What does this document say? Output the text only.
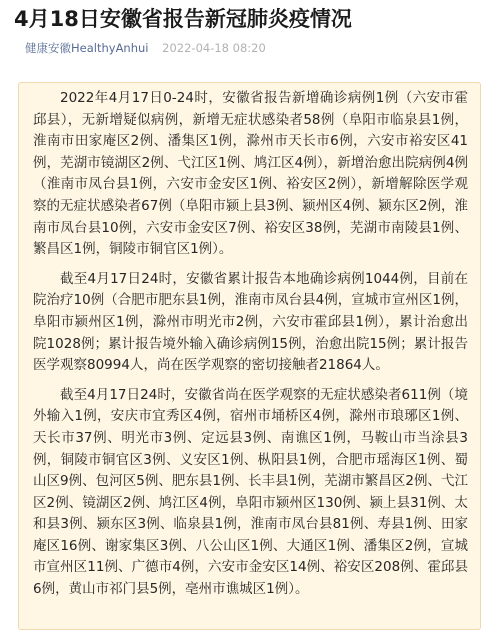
4月18日安徽省报告新冠肺炎疫情况
健康安徽HealthyAnhui 2022-04-18 08:20

2022年4月17日0-24时，安徽省报告新增确诊病例1例（六安市霍邱县），无新增疑似病例，新增无症状感染者58例（阜阳市临泉县1例，淮南市田家庵区2例、潘集区1例，滁州市天长市6例，六安市裕安区41例，芜湖市镜湖区2例、弋江区1例、鸠江区4例），新增治愈出院病例4例（淮南市凤台县1例，六安市金安区1例、裕安区2例），新增解除医学观察的无症状感染者67例（阜阳市颍上县3例、颍州区4例、颍东区2例，淮南市凤台县10例，六安市金安区7例、裕安区38例，芜湖市南陵县1例、繁昌区1例，铜陵市铜官区1例）。

截至4月17日24时，安徽省累计报告本地确诊病例1044例，目前在院治疗10例（合肥市肥东县1例，淮南市凤台县4例，宣城市宣州区1例，阜阳市颍州区1例，滁州市明光市2例，六安市霍邱县1例），累计治愈出院1028例；累计报告境外输入确诊病例15例，治愈出院15例；累计报告医学观察80994人，尚在医学观察的密切接触者21864人。

截至4月17日24时，安徽省尚在医学观察的无症状感染者611例（境外输入1例，安庆市宜秀区4例，宿州市埇桥区4例，滁州市琅琊区1例、天长市37例、明光市3例、定远县3例、南谯区1例，马鞍山市当涂县3例，铜陵市铜官区3例、义安区1例、枞阳县1例，合肥市瑶海区1例、蜀山区9例、包河区5例、肥东县1例、长丰县1例，芜湖市繁昌区2例、弋江区2例、镜湖区2例、鸠江区4例，阜阳市颍州区130例、颍上县31例、太和县3例、颍东区3例、临泉县1例，淮南市凤台县81例、寿县1例、田家庵区16例、谢家集区3例、八公山区1例、大通区1例、潘集区2例，宣城市宣州区11例、广德市4例，六安市金安区14例、裕安区208例、霍邱县6例，黄山市祁门县5例，亳州市谯城区1例）。
